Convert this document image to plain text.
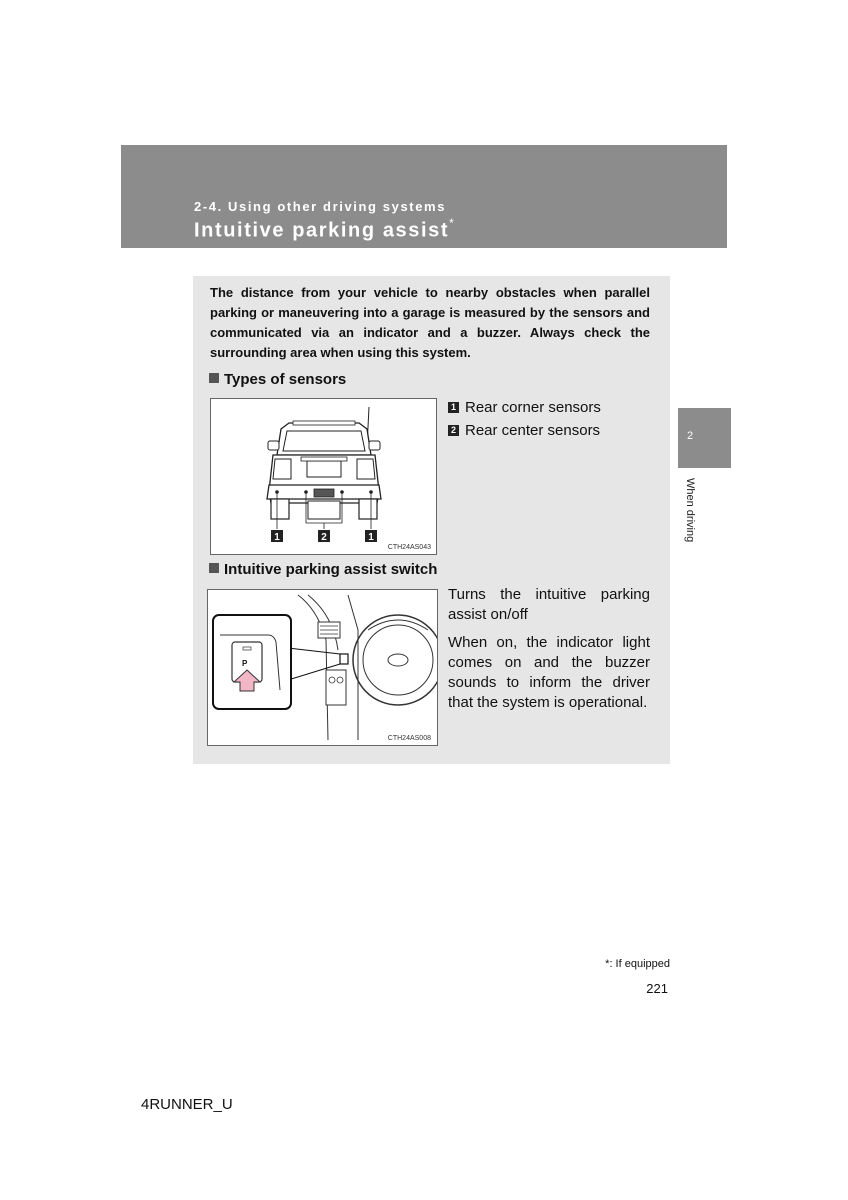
2-4. Using other driving systems
Intuitive parking assist*
The distance from your vehicle to nearby obstacles when parallel parking or maneuvering into a garage is measured by the sensors and communicated via an indicator and a buzzer. Always check the surrounding area when using this system.
Types of sensors
1	2	1
CTH24AS043
1 Rear corner sensors
2 Rear center sensors
Intuitive parking assist switch
P
CTH24AS008
Turns the intuitive parking assist on/off
When on, the indicator light comes on and the buzzer sounds to inform the driver that the system is operational.
2
When driving
*: If equipped
221
4RUNNER_U
